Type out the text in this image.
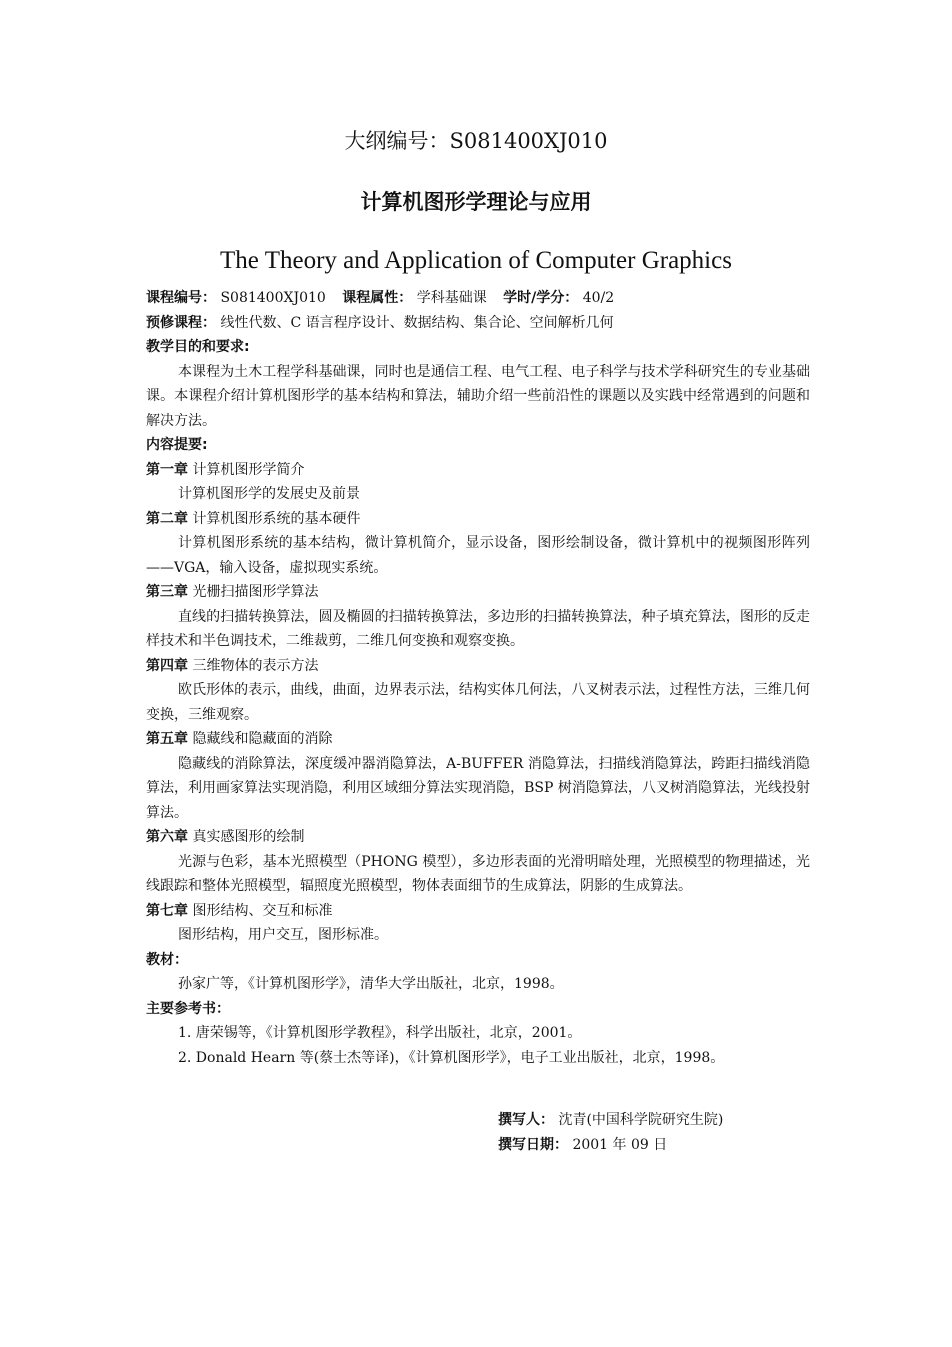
大纲编号：S081400XJ010
计算机图形学理论与应用
The Theory and Application of Computer Graphics

课程编号： S081400XJ010 课程属性： 学科基础课 学时/学分： 40/2

预修课程： 线性代数、C 语言程序设计、数据结构、集合论、空间解析几何

教学目的和要求:

本课程为土木工程学科基础课，同时也是通信工程、电气工程、电子科学与技术学科研究生的专业基础课。本课程介绍计算机图形学的基本结构和算法，辅助介绍一些前沿性的课题以及实践中经常遇到的问题和解决方法。

内容提要:

第一章 计算机图形学简介

计算机图形学的发展史及前景

第二章 计算机图形系统的基本硬件

计算机图形系统的基本结构，微计算机简介，显示设备，图形绘制设备，微计算机中的视频图形阵列——VGA，输入设备，虚拟现实系统。

第三章 光栅扫描图形学算法

直线的扫描转换算法，圆及椭圆的扫描转换算法，多边形的扫描转换算法，种子填充算法，图形的反走样技术和半色调技术，二维裁剪，二维几何变换和观察变换。

第四章 三维物体的表示方法

欧氏形体的表示，曲线，曲面，边界表示法，结构实体几何法，八叉树表示法，过程性方法，三维几何变换，三维观察。

第五章 隐藏线和隐藏面的消除

隐藏线的消除算法，深度缓冲器消隐算法，A-BUFFER 消隐算法，扫描线消隐算法，跨距扫描线消隐算法，利用画家算法实现消隐，利用区域细分算法实现消隐，BSP 树消隐算法，八叉树消隐算法，光线投射算法。

第六章 真实感图形的绘制

光源与色彩，基本光照模型（PHONG 模型），多边形表面的光滑明暗处理，光照模型的物理描述，光线跟踪和整体光照模型，辐照度光照模型，物体表面细节的生成算法，阴影的生成算法。

第七章 图形结构、交互和标准

图形结构，用户交互，图形标准。

教材：

孙家广等，《计算机图形学》，清华大学出版社，北京，1998。

主要参考书：

1. 唐荣锡等，《计算机图形学教程》，科学出版社，北京，2001。

2. Donald Hearn 等(蔡士杰等译)，《计算机图形学》，电子工业出版社，北京，1998。

撰写人： 沈青(中国科学院研究生院)
撰写日期： 2001 年 09 日
